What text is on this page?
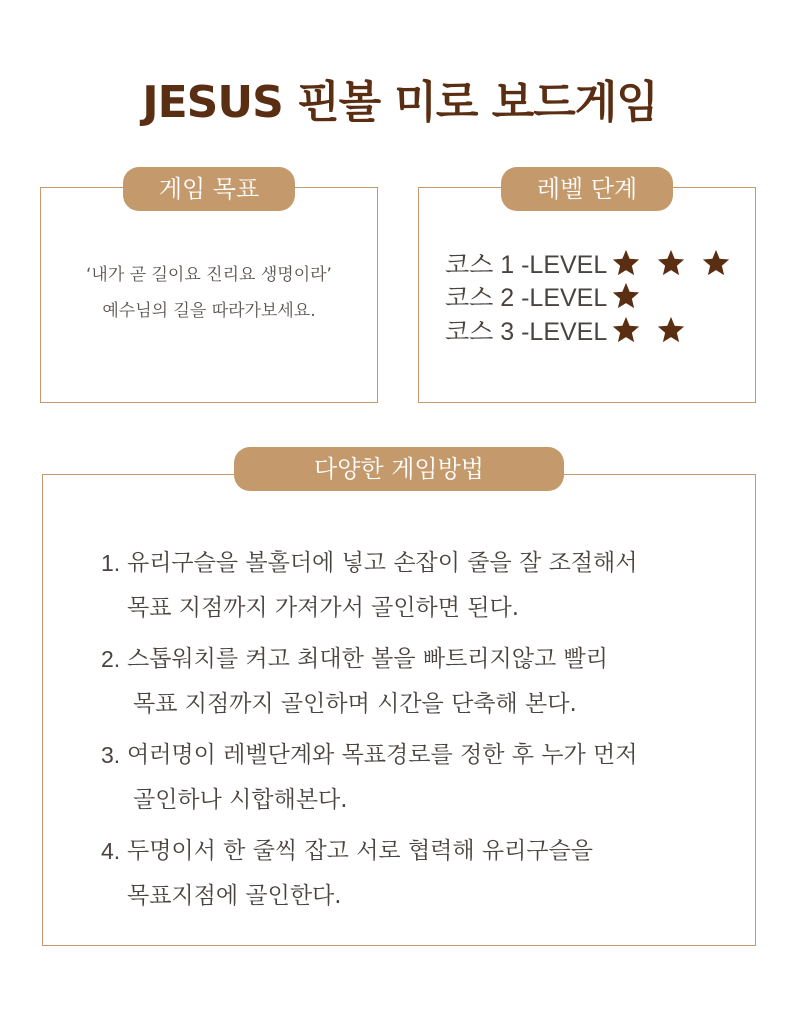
JESUS 핀볼 미로 보드게임
‘내가 곧 길이요 진리요 생명이라’
예수님의 길을 따라가보세요.
게임 목표
코스 1 -LEVEL
코스 2 -LEVEL
코스 3 -LEVEL
레벨 단계
1. 유리구슬을 볼홀더에 넣고 손잡이 줄을 잘 조절해서
목표 지점까지 가져가서 골인하면 된다.
2. 스톱워치를 켜고 최대한 볼을 빠트리지않고 빨리
목표 지점까지 골인하며 시간을 단축해 본다.
3. 여러명이 레벨단계와 목표경로를 정한 후 누가 먼저
골인하나 시합해본다.
4. 두명이서 한 줄씩 잡고 서로 협력해 유리구슬을
목표지점에 골인한다.
다양한 게임방법
